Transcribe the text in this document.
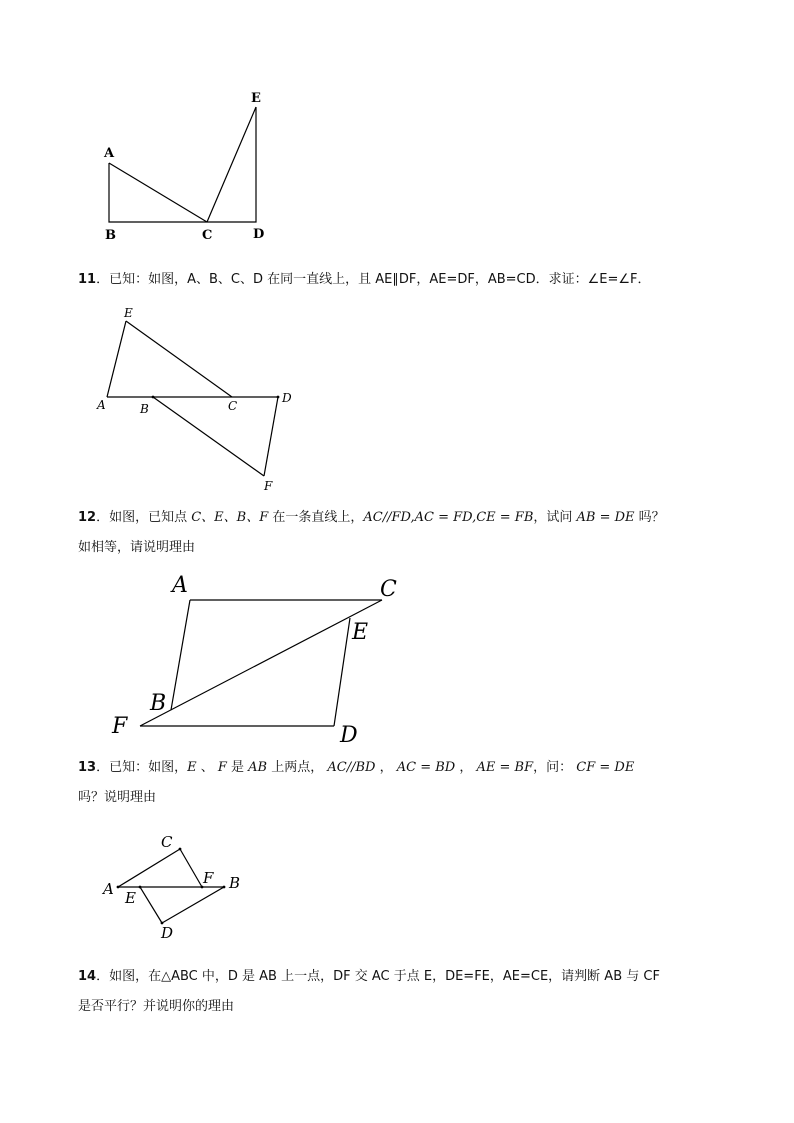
A
B	C	D
E
11．已知：如图，A、B、C、D 在同一直线上，且 AE∥DF，AE=DF，AB=CD．求证：∠E=∠F．
A	B	C
D
E
F
12．如图，已知点 C、E、B、F 在一条直线上，AC//FD,AC = FD,CE = FB，试问 AB = DE 吗？
如相等，请说明理由
A
B
C
D
E
F
13．已知：如图，E 、 F 是 AB 上两点， AC//BD ， AC = BD ， AE = BF，问： CF = DE
吗？说明理由
A	B
C
D
E
F
14．如图，在△ABC 中，D 是 AB 上一点，DF 交 AC 于点 E，DE=FE，AE=CE，请判断 AB 与 CF
是否平行？并说明你的理由
